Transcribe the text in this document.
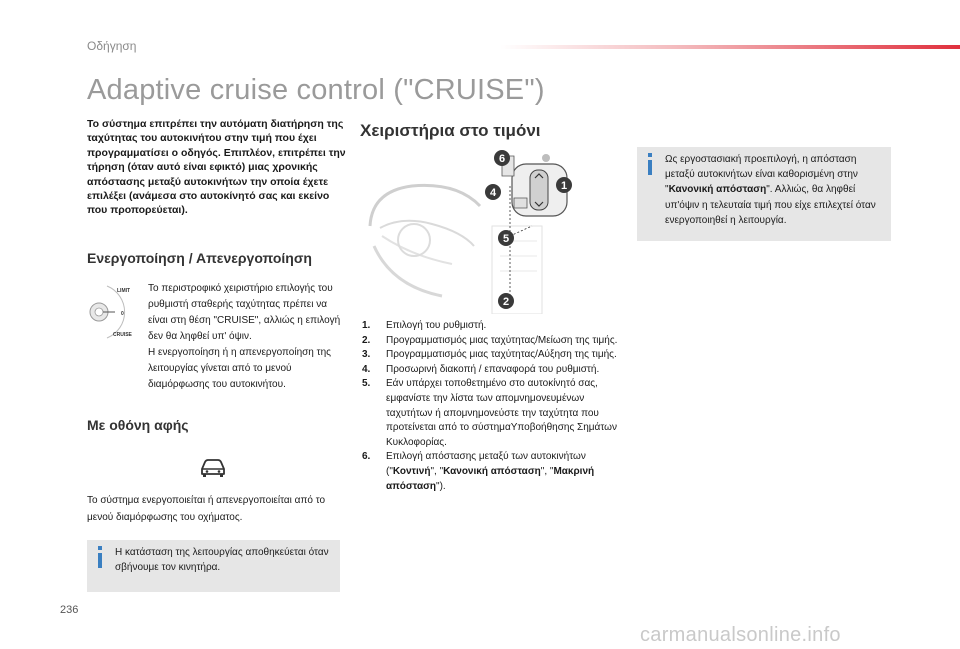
Οδήγηση
Adaptive cruise control ("CRUISE")
Το σύστημα επιτρέπει την αυτόματη διατήρηση της ταχύτητας του αυτοκινήτου στην τιμή που έχει προγραμματίσει ο οδηγός. Επιπλέον, επιτρέπει την τήρηση (όταν αυτό είναι εφικτό) μιας χρονικής απόστασης μεταξύ αυτοκινήτων την οποία έχετε επιλέξει (ανάμεσα στο αυτοκίνητό σας και εκείνο που προπορεύεται).
Ενεργοποίηση / Απενεργοποίηση
LIMIT
0
CRUISE
Το περιστροφικό χειριστήριο επιλογής του ρυθμιστή σταθερής ταχύτητας πρέπει να είναι στη θέση "CRUISE", αλλιώς η επιλογή δεν θα ληφθεί υπ' όψιν.
Η ενεργοποίηση ή η απενεργοποίηση της λειτουργίας γίνεται από το μενού διαμόρφωσης του αυτοκινήτου.
Με οθόνη αφής
Το σύστημα ενεργοποιείται ή απενεργοποιείται από το μενού διαμόρφωσης του οχήματος.
Η κατάσταση της λειτουργίας αποθηκεύεται όταν σβήνουμε τον κινητήρα.
Χειριστήρια στο τιμόνι
6
4
1
5
2
1. Επιλογή του ρυθμιστή.
2. Προγραμματισμός μιας ταχύτητας/Μείωση της τιμής.
3. Προγραμματισμός μιας ταχύτητας/Αύξηση της τιμής.
4. Προσωρινή διακοπή / επαναφορά του ρυθμιστή.
5. Εάν υπάρχει τοποθετημένο στο αυτοκίνητό σας, εμφανίστε την λίστα των απομνημονευμένων ταχυτήτων ή απομνημονεύστε την ταχύτητα που προτείνεται από το σύστημαΥποβοήθησης Σημάτων Κυκλοφορίας.
6. Επιλογή απόστασης μεταξύ των αυτοκινήτων ("Κοντινή", "Κανονική απόσταση", "Μακρινή απόσταση").
Ως εργοστασιακή προεπιλογή, η απόσταση μεταξύ αυτοκινήτων είναι καθορισμένη στην "Κανονική απόσταση". Αλλιώς, θα ληφθεί υπ'όψιν η τελευταία τιμή που είχε επιλεχτεί όταν ενεργοποιηθεί η λειτουργία.
236
carmanualsonline.info
